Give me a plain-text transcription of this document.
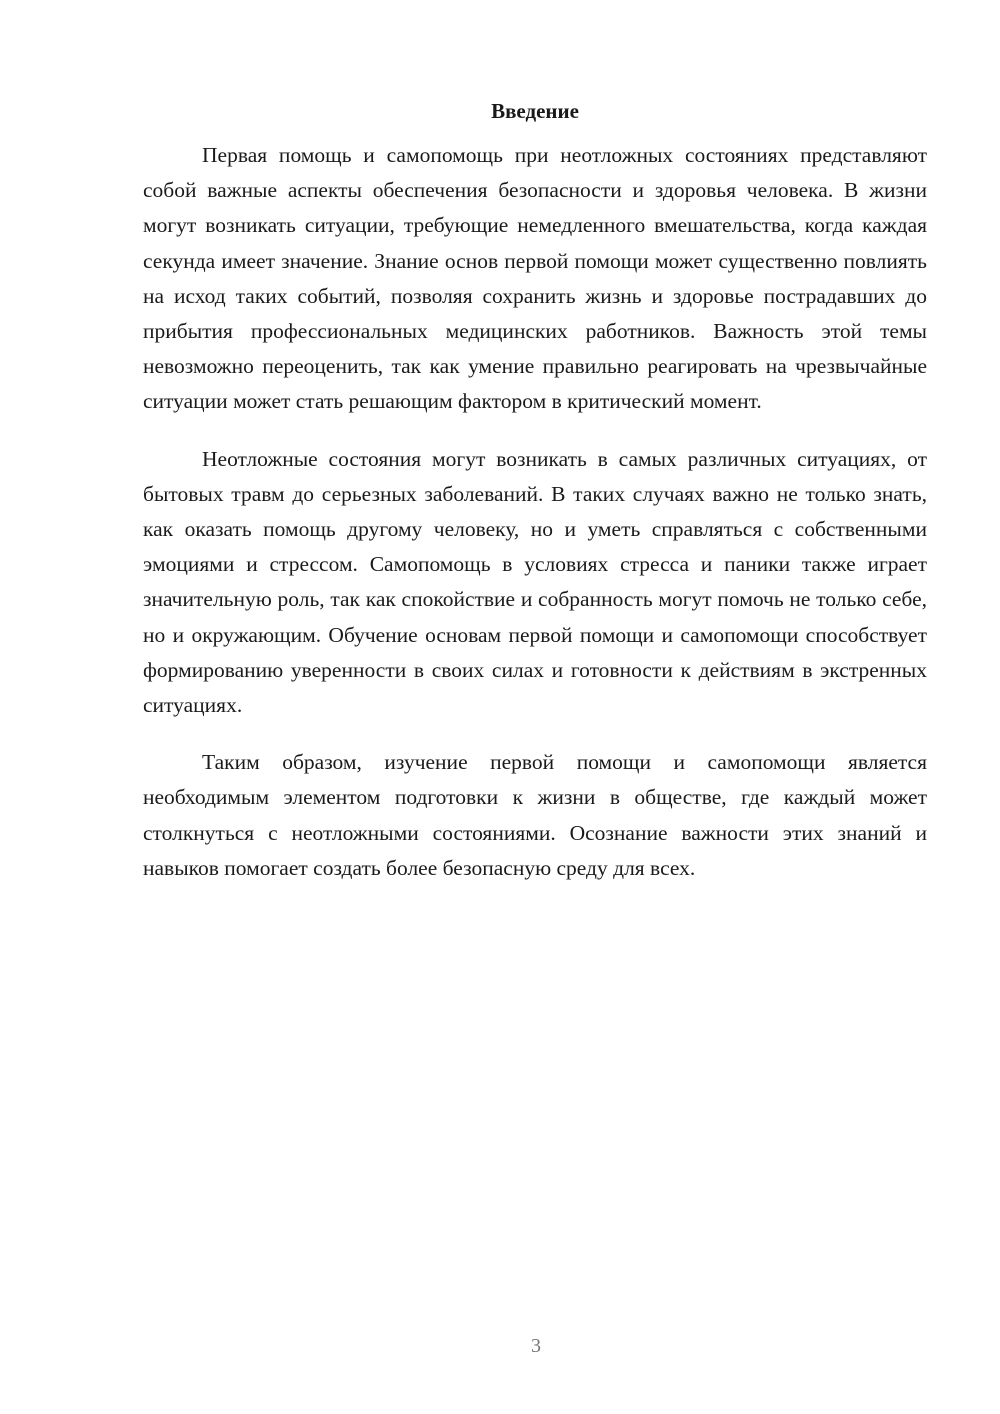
Введение

Первая помощь и самопомощь при неотложных состояниях представляют собой важные аспекты обеспечения безопасности и здоровья человека. В жизни могут возникать ситуации, требующие немедленного вмешательства, когда каждая секунда имеет значение. Знание основ первой помощи может существенно повлиять на исход таких событий, позволяя сохранить жизнь и здоровье пострадавших до прибытия профессиональных медицинских работников. Важность этой темы невозможно переоценить, так как умение правильно реагировать на чрезвычайные ситуации может стать решающим фактором в критический момент.

Неотложные состояния могут возникать в самых различных ситуациях, от бытовых травм до серьезных заболеваний. В таких случаях важно не только знать, как оказать помощь другому человеку, но и уметь справляться с собственными эмоциями и стрессом. Самопомощь в условиях стресса и паники также играет значительную роль, так как спокойствие и собранность могут помочь не только себе, но и окружающим. Обучение основам первой помощи и самопомощи способствует формированию уверенности в своих силах и готовности к действиям в экстренных ситуациях.

Таким образом, изучение первой помощи и самопомощи является необходимым элементом подготовки к жизни в обществе, где каждый может столкнуться с неотложными состояниями. Осознание важности этих знаний и навыков помогает создать более безопасную среду для всех.

3
